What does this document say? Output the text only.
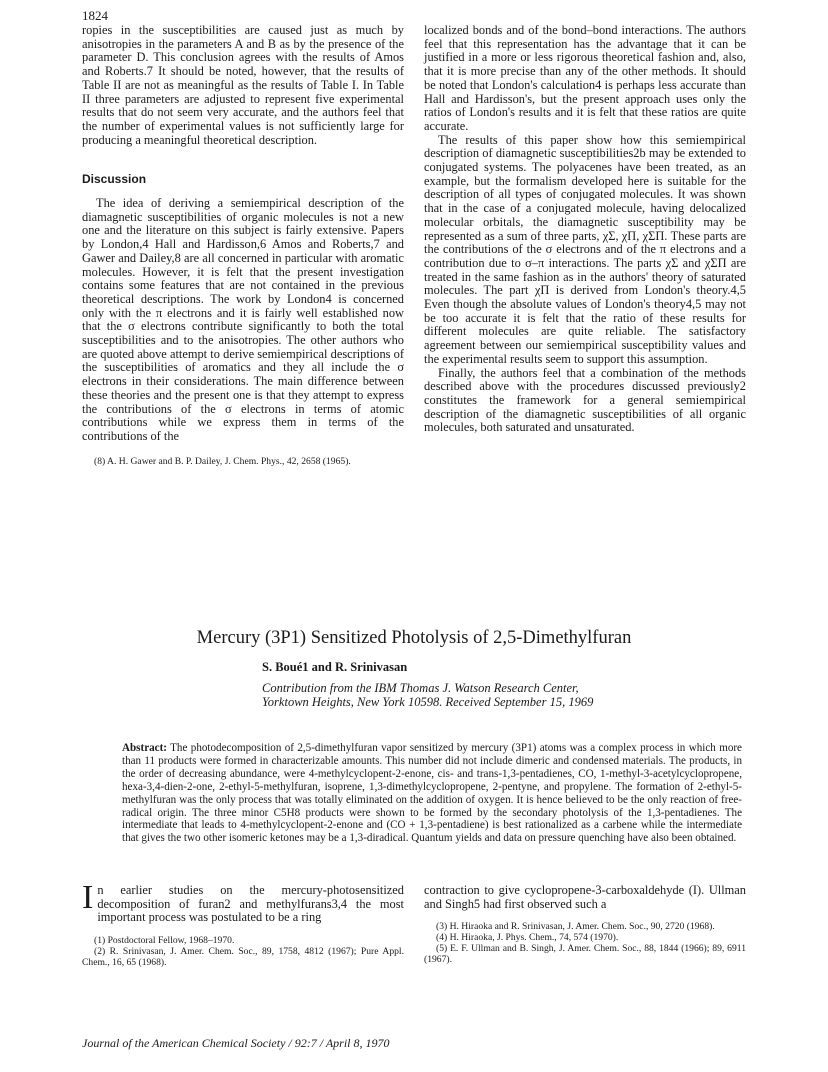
1824

ropies in the susceptibilities are caused just as much by anisotropies in the parameters A and B as by the presence of the parameter D. This conclusion agrees with the results of Amos and Roberts.7 It should be noted, however, that the results of Table II are not as meaningful as the results of Table I. In Table II three parameters are adjusted to represent five experimental results that do not seem very accurate, and the authors feel that the number of experimental values is not sufficiently large for producing a meaningful theoretical description.

Discussion

The idea of deriving a semiempirical description of the diamagnetic susceptibilities of organic molecules is not a new one and the literature on this subject is fairly extensive. Papers by London,4 Hall and Hardisson,6 Amos and Roberts,7 and Gawer and Dailey,8 are all concerned in particular with aromatic molecules. However, it is felt that the present investigation contains some features that are not contained in the previous theoretical descriptions. The work by London4 is concerned only with the π electrons and it is fairly well established now that the σ electrons contribute significantly to both the total susceptibilities and to the anisotropies. The other authors who are quoted above attempt to derive semiempirical descriptions of the susceptibilities of aromatics and they all include the σ electrons in their considerations. The main difference between these theories and the present one is that they attempt to express the contributions of the σ electrons in terms of atomic contributions while we express them in terms of the contributions of the

(8) A. H. Gawer and B. P. Dailey, J. Chem. Phys., 42, 2658 (1965).

localized bonds and of the bond–bond interactions. The authors feel that this representation has the advantage that it can be justified in a more or less rigorous theoretical fashion and, also, that it is more precise than any of the other methods. It should be noted that London's calculation4 is perhaps less accurate than Hall and Hardisson's, but the present approach uses only the ratios of London's results and it is felt that these ratios are quite accurate.

The results of this paper show how this semiempirical description of diamagnetic susceptibilities2b may be extended to conjugated systems. The polyacenes have been treated, as an example, but the formalism developed here is suitable for the description of all types of conjugated molecules. It was shown that in the case of a conjugated molecule, having delocalized molecular orbitals, the diamagnetic susceptibility may be represented as a sum of three parts, χΣ, χΠ, χΣΠ. These parts are the contributions of the σ electrons and of the π electrons and a contribution due to σ–π interactions. The parts χΣ and χΣΠ are treated in the same fashion as in the authors' theory of saturated molecules. The part χΠ is derived from London's theory.4,5 Even though the absolute values of London's theory4,5 may not be too accurate it is felt that the ratio of these results for different molecules are quite reliable. The satisfactory agreement between our semiempirical susceptibility values and the experimental results seem to support this assumption.

Finally, the authors feel that a combination of the methods described above with the procedures discussed previously2 constitutes the framework for a general semiempirical description of the diamagnetic susceptibilities of all organic molecules, both saturated and unsaturated.

Mercury (3P1) Sensitized Photolysis of 2,5-Dimethylfuran
S. Boué1 and R. Srinivasan
Contribution from the IBM Thomas J. Watson Research Center,
Yorktown Heights, New York 10598. Received September 15, 1969
Abstract: The photodecomposition of 2,5-dimethylfuran vapor sensitized by mercury (3P1) atoms was a complex process in which more than 11 products were formed in characterizable amounts. This number did not include dimeric and condensed materials. The products, in the order of decreasing abundance, were 4-methylcyclopent-2-enone, cis- and trans-1,3-pentadienes, CO, 1-methyl-3-acetylcyclopropene, hexa-3,4-dien-2-one, 2-ethyl-5-methylfuran, isoprene, 1,3-dimethylcyclopropene, 2-pentyne, and propylene. The formation of 2-ethyl-5-methylfuran was the only process that was totally eliminated on the addition of oxygen. It is hence believed to be the only reaction of free-radical origin. The three minor C5H8 products were shown to be formed by the secondary photolysis of the 1,3-pentadienes. The intermediate that leads to 4-methylcyclopent-2-enone and (CO + 1,3-pentadiene) is best rationalized as a carbene while the intermediate that gives the two other isomeric ketones may be a 1,3-diradical. Quantum yields and data on pressure quenching have also been obtained.
I n earlier studies on the mercury-photosensitized decomposition of furan2 and methylfurans3,4 the most important process was postulated to be a ring

(1) Postdoctoral Fellow, 1968–1970.

(2) R. Srinivasan, J. Amer. Chem. Soc., 89, 1758, 4812 (1967); Pure Appl. Chem., 16, 65 (1968).

contraction to give cyclopropene-3-carboxaldehyde (I). Ullman and Singh5 had first observed such a

(3) H. Hiraoka and R. Srinivasan, J. Amer. Chem. Soc., 90, 2720 (1968).

(4) H. Hiraoka, J. Phys. Chem., 74, 574 (1970).

(5) E. F. Ullman and B. Singh, J. Amer. Chem. Soc., 88, 1844 (1966); 89, 6911 (1967).

Journal of the American Chemical Society / 92:7 / April 8, 1970
